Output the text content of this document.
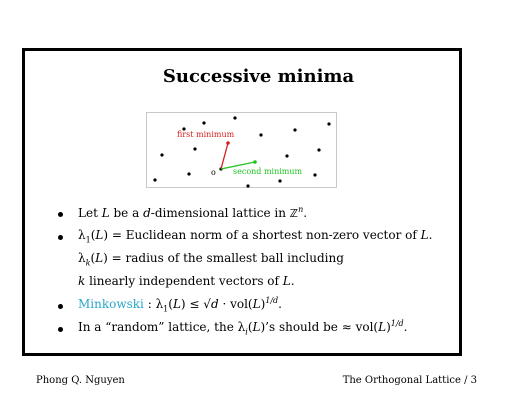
Successive minima
first minimum
second minimum
o
Let L be a d-dimensional lattice in ℤ$^n$.
$\lambda_1(L)$ = Euclidean norm of a shortest non-zero vector of L.
$\lambda_k(L)$ = radius of the smallest ball including
k linearly independent vectors of L.
Minkowski : $\lambda_1(L) \le √d \cdot vol(L)^{1/d}$.
In a “random” lattice, the $\lambda_i(L)’s$ should be ≈ $vol(L)^{1/d}$.
Phong Q. Nguyen	The Orthogonal Lattice / 3
